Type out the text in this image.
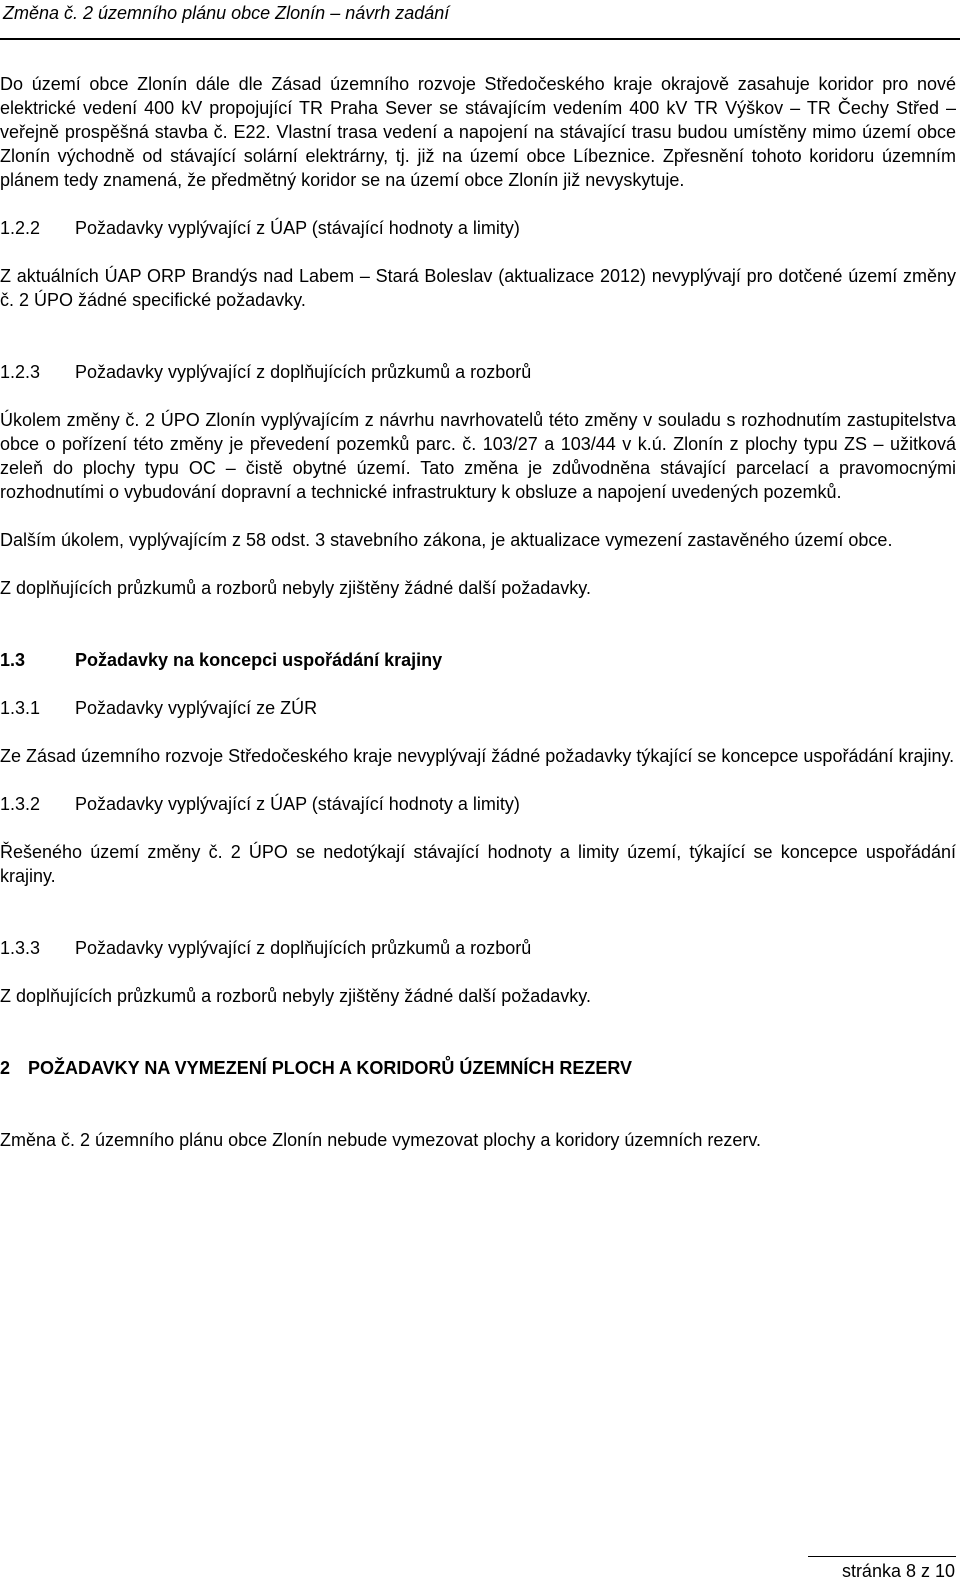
Změna č. 2 územního plánu obce Zlonín – návrh zadání

Do území obce Zlonín dále dle Zásad územního rozvoje Středočeského kraje okrajově zasahuje koridor pro nové elektrické vedení 400 kV propojující TR Praha Sever se stávajícím vedením 400 kV TR Výškov – TR Čechy Střed – veřejně prospěšná stavba č. E22. Vlastní trasa vedení a napojení na stávající trasu budou umístěny mimo území obce Zlonín východně od stávající solární elektrárny, tj. již na území obce Líbeznice. Zpřesnění tohoto koridoru územním plánem tedy znamená, že předmětný koridor se na území obce Zlonín již nevyskytuje.

1.2.2	Požadavky vyplývající z ÚAP (stávající hodnoty a limity)

Z aktuálních ÚAP ORP Brandýs nad Labem – Stará Boleslav (aktualizace 2012) nevyplývají pro dotčené území změny č. 2 ÚPO žádné specifické požadavky.

1.2.3	Požadavky vyplývající z doplňujících průzkumů a rozborů

Úkolem změny č. 2 ÚPO Zlonín vyplývajícím z návrhu navrhovatelů této změny v souladu s rozhodnutím zastupitelstva obce o pořízení této změny je převedení pozemků parc. č. 103/27 a 103/44 v k.ú. Zlonín z plochy typu ZS – užitková zeleň do plochy typu OC – čistě obytné území. Tato změna je zdůvodněna stávající parcelací a pravomocnými rozhodnutími o vybudování dopravní a technické infrastruktury k obsluze a napojení uvedených pozemků.

Dalším úkolem, vyplývajícím z 58 odst. 3 stavebního zákona, je aktualizace vymezení zastavěného území obce.

Z doplňujících průzkumů a rozborů nebyly zjištěny žádné další požadavky.

1.3	Požadavky na koncepci uspořádání krajiny
1.3.1	Požadavky vyplývající ze ZÚR

Ze Zásad územního rozvoje Středočeského kraje nevyplývají žádné požadavky týkající se koncepce uspořádání krajiny.

1.3.2	Požadavky vyplývající z ÚAP (stávající hodnoty a limity)

Řešeného území změny č. 2 ÚPO se nedotýkají stávající hodnoty a limity území, týkající se koncepce uspořádání krajiny.

1.3.3	Požadavky vyplývající z doplňujících průzkumů a rozborů

Z doplňujících průzkumů a rozborů nebyly zjištěny žádné další požadavky.

2 POŽADAVKY NA VYMEZENÍ PLOCH A KORIDORŮ ÚZEMNÍCH REZERV

Změna č. 2 územního plánu obce Zlonín nebude vymezovat plochy a koridory územních rezerv.

stránka 8 z 10
